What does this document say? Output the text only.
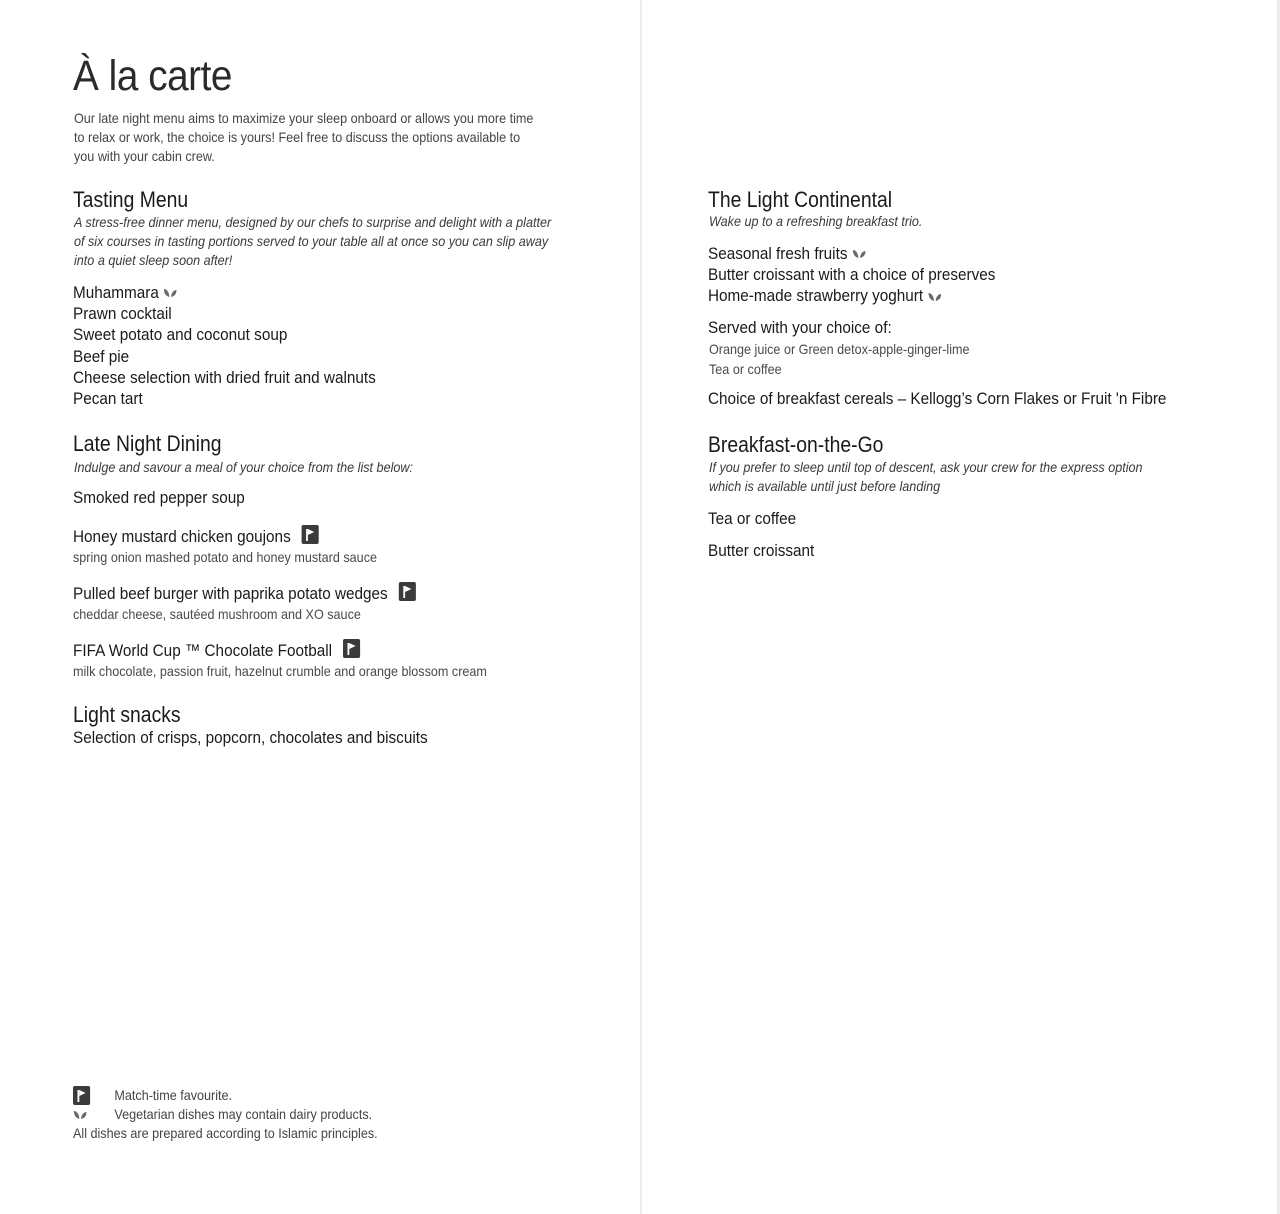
À la carte
Our late night menu aims to maximize your sleep onboard or allows you more time to relax or work, the choice is yours! Feel free to discuss the options available to you with your cabin crew.
Tasting Menu
A stress-free dinner menu, designed by our chefs to surprise and delight with a platter of six courses in tasting portions served to your table all at once so you can slip away into a quiet sleep soon after!
Muhammara
Prawn cocktail
Sweet potato and coconut soup
Beef pie
Cheese selection with dried fruit and walnuts
Pecan tart
Late Night Dining
Indulge and savour a meal of your choice from the list below:
Smoked red pepper soup
Honey mustard chicken goujons
spring onion mashed potato and honey mustard sauce
Pulled beef burger with paprika potato wedges
cheddar cheese, sautéed mushroom and XO sauce
FIFA World Cup ™ Chocolate Football
milk chocolate, passion fruit, hazelnut crumble and orange blossom cream
Light snacks
Selection of crisps, popcorn, chocolates and biscuits
Match-time favourite.
Vegetarian dishes may contain dairy products.
All dishes are prepared according to Islamic principles.
The Light Continental
Wake up to a refreshing breakfast trio.
Seasonal fresh fruits
Butter croissant with a choice of preserves
Home-made strawberry yoghurt
Served with your choice of:
Orange juice or Green detox-apple-ginger-lime
Tea or coffee
Choice of breakfast cereals – Kellogg’s Corn Flakes or Fruit 'n Fibre
Breakfast-on-the-Go
If you prefer to sleep until top of descent, ask your crew for the express option which is available until just before landing
Tea or coffee
Butter croissant
